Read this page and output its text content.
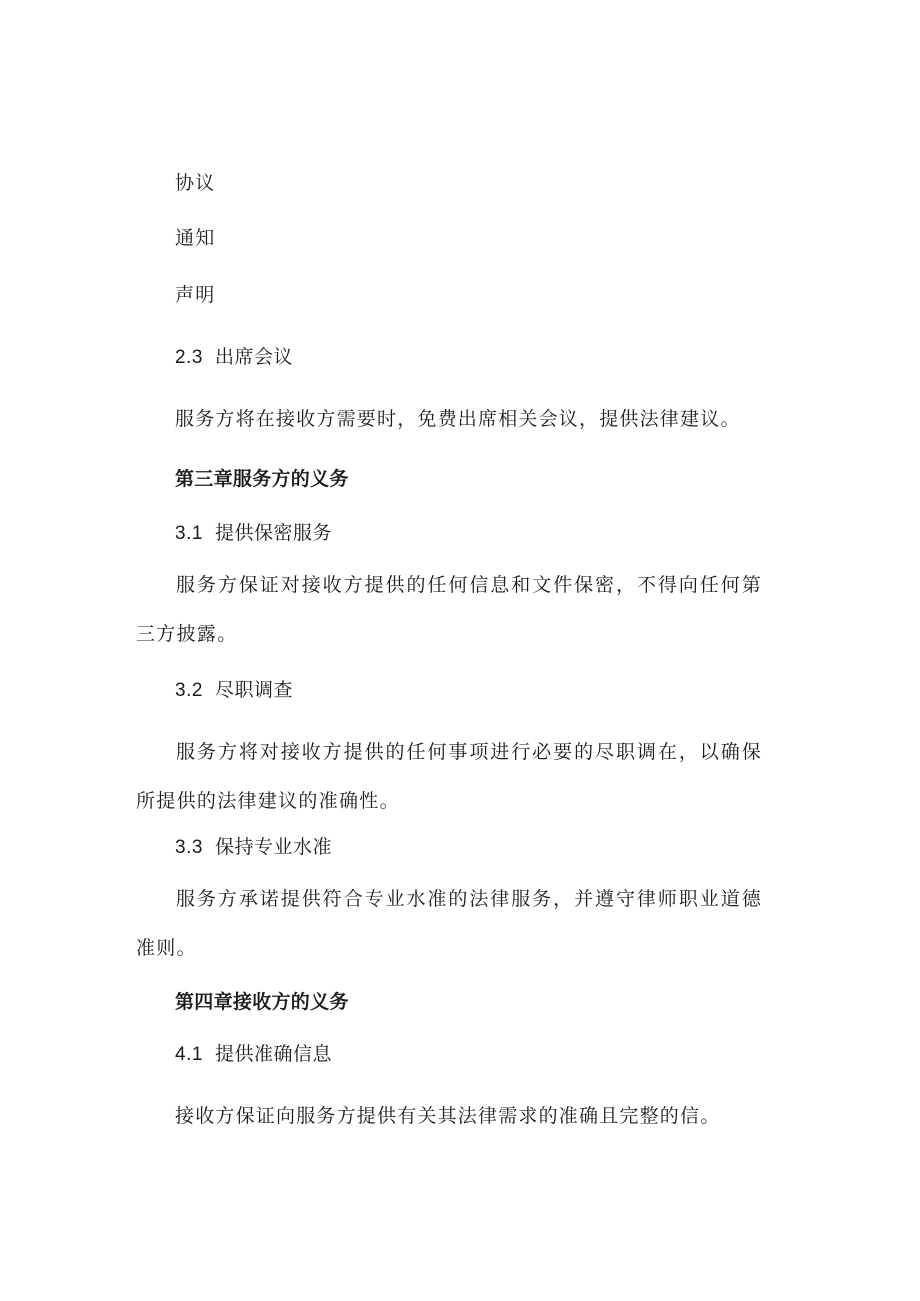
协议

通知

声明

2.3 出席会议

服务方将在接收方需要时，免费出席相关会议，提供法律建议。

第三章服务方的义务

3.1 提供保密服务

服务方保证对接收方提供的任何信息和文件保密，不得向任何第三方披露。

3.2 尽职调查

服务方将对接收方提供的任何事项进行必要的尽职调在，以确保所提供的法律建议的准确性。

3.3 保持专业水准

服务方承诺提供符合专业水准的法律服务，并遵守律师职业道德准则。

第四章接收方的义务

4.1 提供准确信息

接收方保证向服务方提供有关其法律需求的准确且完整的信。
